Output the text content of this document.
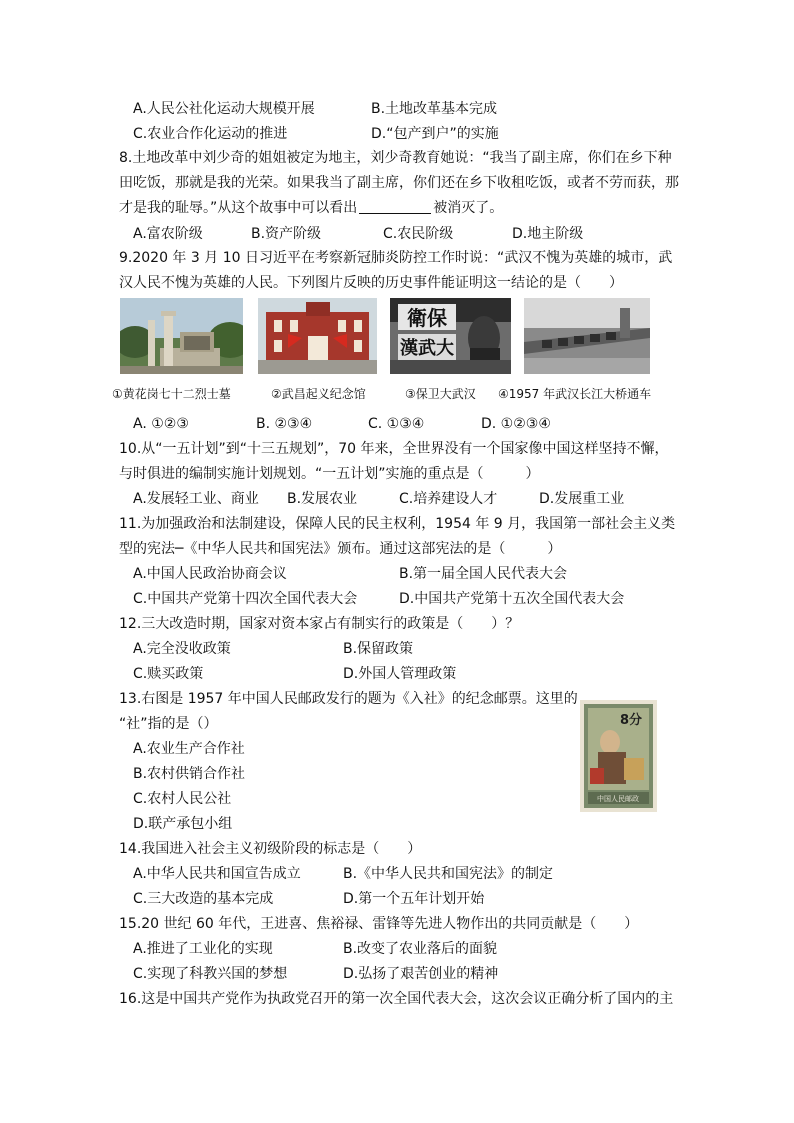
A.人民公社化运动大规模开展	B.土地改革基本完成
C.农业合作化运动的推进	D.“包产到户”的实施
8.土地改革中刘少奇的姐姐被定为地主，刘少奇教育她说：“我当了副主席，你们在乡下种田吃饭，那就是我的光荣。如果我当了副主席，你们还在乡下收租吃饭，或者不劳而获，那才是我的耻辱。”从这个故事中可以看出	被消灭了。
A.富农阶级	B.资产阶级	C.农民阶级	D.地主阶级
9.2020 年 3 月 10 日习近平在考察新冠肺炎防控工作时说：“武汉不愧为英雄的城市，武汉人民不愧为英雄的人民。下列图片反映的历史事件能证明这一结论的是（　　）
衛保
漢武大
①黄花岗七十二烈士墓	②武昌起义纪念馆	③保卫大武汉 ④1957 年武汉长江大桥通车
A. ①②③	B. ②③④	C. ①③④	D. ①②③④
10.从“一五计划”到“十三五规划”，70 年来，全世界没有一个国家像中国这样坚持不懈，与时俱进的编制实施计划规划。“一五计划”实施的重点是（　　　）
A.发展轻工业、商业 B.发展农业	C.培养建设人才	D.发展重工业
11.为加强政治和法制建设，保障人民的民主权利，1954 年 9 月，我国第一部社会主义类型的宪法─《中华人民共和国宪法》颁布。通过这部宪法的是（　　　）
A.中国人民政治协商会议	B.第一届全国人民代表大会
C.中国共产党第十四次全国代表大会	D.中国共产党第十五次全国代表大会
12.三大改造时期，国家对资本家占有制实行的政策是（　　）？
A.完全没收政策	B.保留政策
C.赎买政策	D.外国人管理政策
13.右图是 1957 年中国人民邮政发行的题为《入社》的纪念邮票。这里的
“社”指的是（）
A.农业生产合作社
B.农村供销合作社
C.农村人民公社
D.联产承包小组
8分
中国人民邮政
14.我国进入社会主义初级阶段的标志是（　　）
A.中华人民共和国宣告成立	B.《中华人民共和国宪法》的制定
C.三大改造的基本完成	D.第一个五年计划开始
15.20 世纪 60 年代，王进喜、焦裕禄、雷锋等先进人物作出的共同贡献是（　　）
A.推进了工业化的实现	B.改变了农业落后的面貌
C.实现了科教兴国的梦想	D.弘扬了艰苦创业的精神
16.这是中国共产党作为执政党召开的第一次全国代表大会，这次会议正确分析了国内的主
